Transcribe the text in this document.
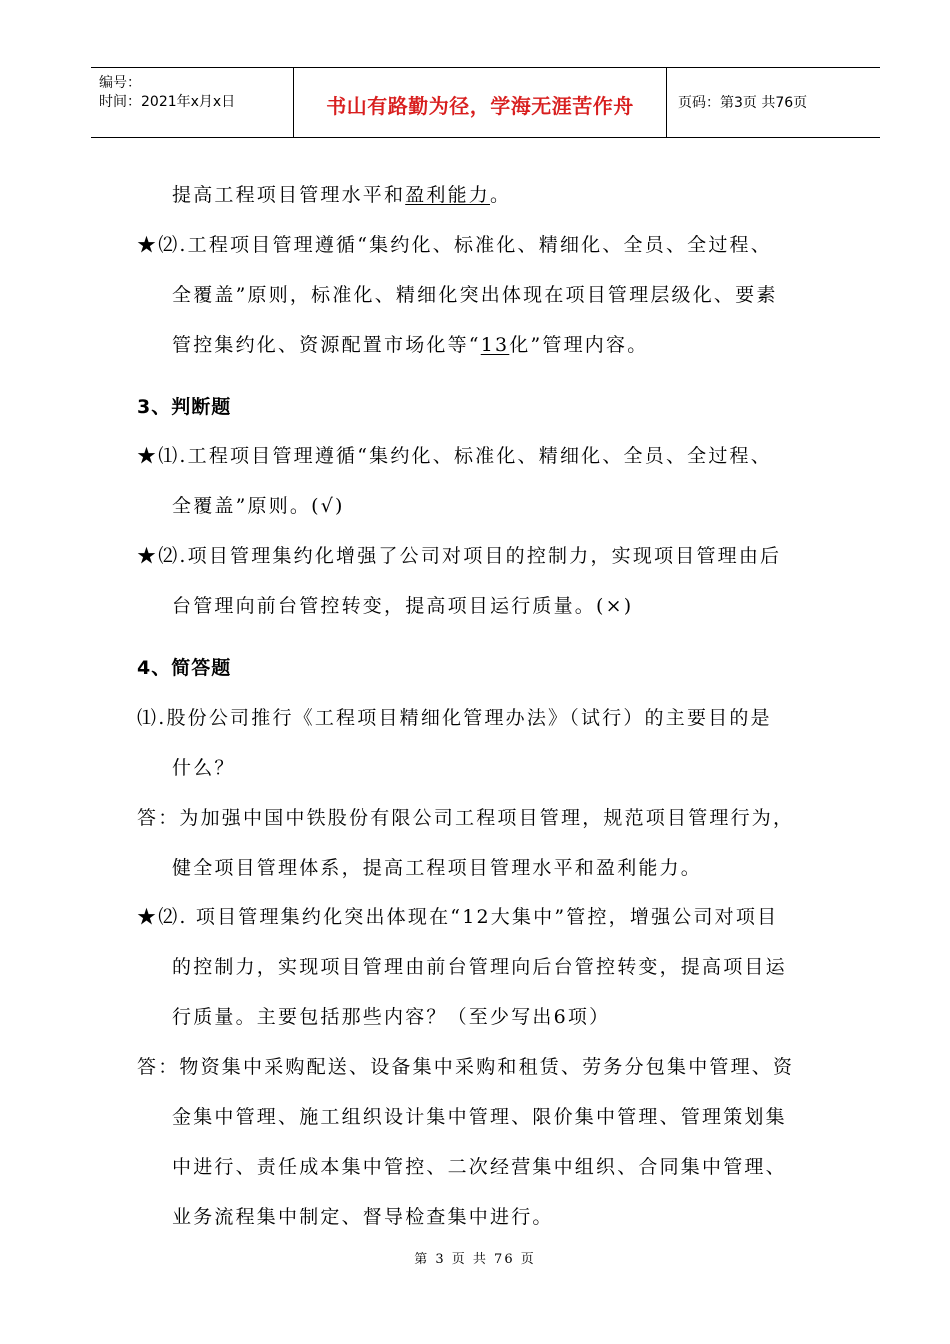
编号：
时间：2021年x月x日	书山有路勤为径，学海无涯苦作舟	页码：第3页 共76页
提高工程项目管理水平和盈利能力。
★⑵.工程项目管理遵循“集约化、标准化、精细化、全员、全过程、
全覆盖”原则，标准化、精细化突出体现在项目管理层级化、要素
管控集约化、资源配置市场化等“13化”管理内容。
3、判断题
★⑴.工程项目管理遵循“集约化、标准化、精细化、全员、全过程、
全覆盖”原则。(√)
★⑵.项目管理集约化增强了公司对项目的控制力，实现项目管理由后
台管理向前台管控转变，提高项目运行质量。(×)
4、简答题
⑴.股份公司推行《工程项目精细化管理办法》（试行）的主要目的是
什么？
答：为加强中国中铁股份有限公司工程项目管理，规范项目管理行为，
健全项目管理体系，提高工程项目管理水平和盈利能力。
★⑵. 项目管理集约化突出体现在“12大集中”管控，增强公司对项目
的控制力，实现项目管理由前台管理向后台管控转变，提高项目运
行质量。主要包括那些内容？（至少写出6项）
答：物资集中采购配送、设备集中采购和租赁、劳务分包集中管理、资
金集中管理、施工组织设计集中管理、限价集中管理、管理策划集
中进行、责任成本集中管控、二次经营集中组织、合同集中管理、
业务流程集中制定、督导检查集中进行。
第 3 页 共 76 页
